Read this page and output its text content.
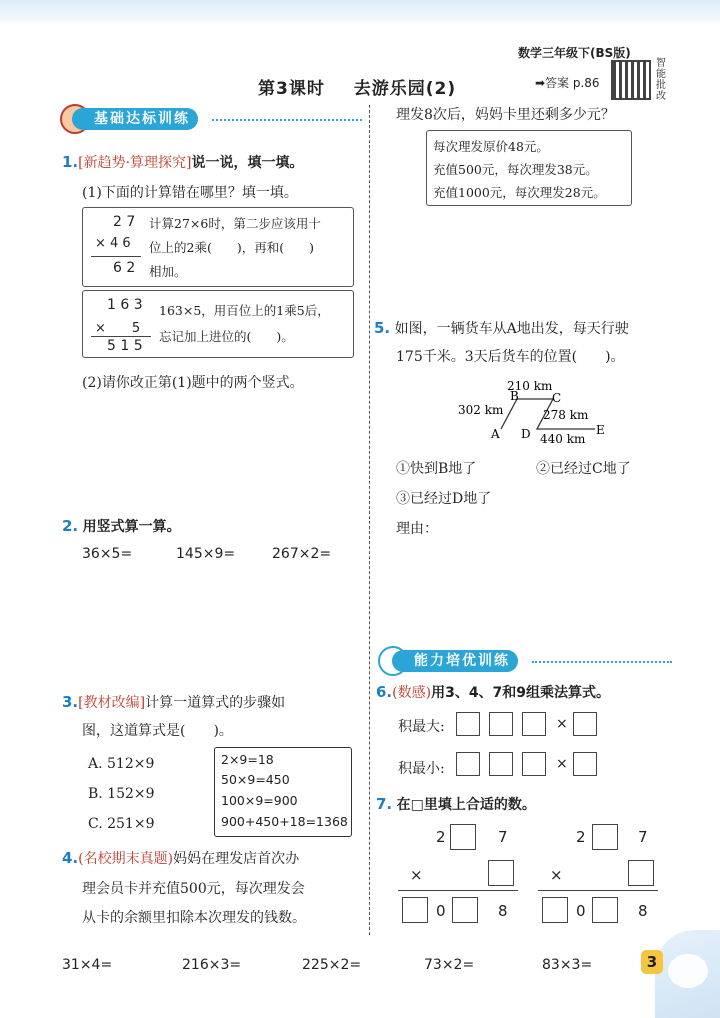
数学三年级下(BS版)
第3课时 去游乐园(2)	➡答案 p.86
智能批改
基础达标训练
1.[新趋势·算理探究]说一说，填一填。
(1)下面的计算错在哪里？填一填。
2 7
× 4 6
6 2
计算27×6时，第二步应该用十
位上的2乘(　　)，再和(　　)
相加。
1 6 3
×　　5
5 1 5
163×5，用百位上的1乘5后，
忘记加上进位的(　　)。
(2)请你改正第(1)题中的两个竖式。
2. 用竖式算一算。
36×5=	145×9=	267×2=
3.[教材改编]计算一道算式的步骤如
图，这道算式是(　　)。
A. 512×9
B. 152×9
C. 251×9
2×9=18
50×9=450
100×9=900
900+450+18=1368
4.(名校期末真题)妈妈在理发店首次办
理会员卡并充值500元，每次理发会
从卡的余额里扣除本次理发的钱数。
理发8次后，妈妈卡里还剩多少元？
每次理发原价48元。
充值500元，每次理发38元。
充值1000元，每次理发28元。
5. 如图，一辆货车从A地出发，每天行驶
175千米。3天后货车的位置(　　)。
210 km
302 km	278 km
440 km
A
B	C
D	E
①快到B地了	②已经过C地了
③已经过D地了
理由：
能力培优训练
6.(数感)用3、4、7和9组乘法算式。
积最大:	×
积最小:	×
7. 在□里填上合适的数。
2	7
×
0	8
2	7
×
0	8
31×4=	216×3=	225×2=	73×2=	83×3=	3
